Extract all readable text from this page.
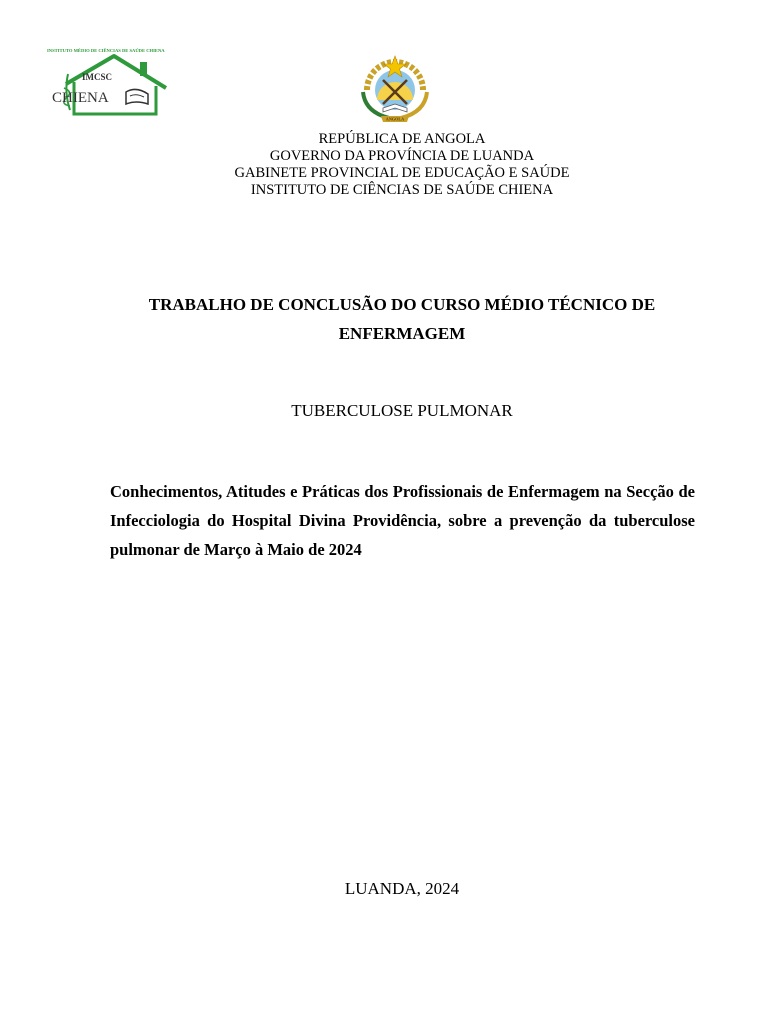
INSTITUTO MÉDIO DE CIÊNCIAS DE SAÚDE CHIENA
IMCSC
CHIENA
ANGOLA
REPÚBLICA DE ANGOLA
GOVERNO DA PROVÍNCIA DE LUANDA
GABINETE PROVINCIAL DE EDUCAÇÃO E SAÚDE
INSTITUTO DE CIÊNCIAS DE SAÚDE CHIENA
TRABALHO DE CONCLUSÃO DO CURSO MÉDIO TÉCNICO DE ENFERMAGEM
TUBERCULOSE PULMONAR
Conhecimentos, Atitudes e Práticas dos Profissionais de Enfermagem na Secção de Infecciologia do Hospital Divina Providência, sobre a prevenção da tuberculose pulmonar de Março à Maio de 2024
LUANDA, 2024
